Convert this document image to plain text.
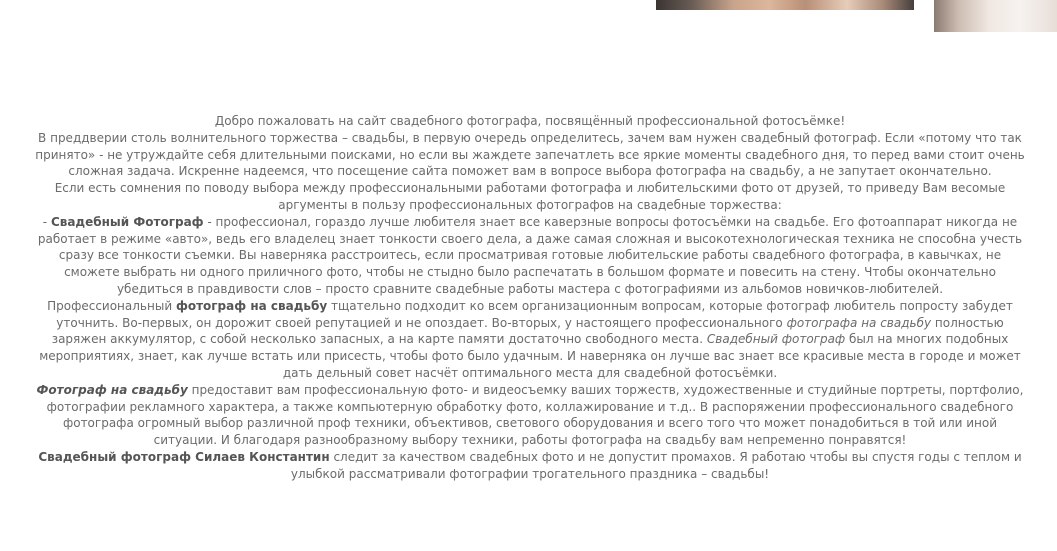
Добро пожаловать на сайт свадебного фотографа, посвящённый профессиональной фотосъёмке!

В преддверии столь волнительного торжества – свадьбы, в первую очередь определитесь, зачем вам нужен свадебный фотограф. Если «потому что так принято» - не утруждайте себя длительными поисками, но если вы жаждете запечатлеть все яркие моменты свадебного дня, то перед вами стоит очень сложная задача. Искренне надеемся, что посещение сайта поможет вам в вопросе выбора фотографа на свадьбу, а не запутает окончательно.

Если есть сомнения по поводу выбора между профессиональными работами фотографа и любительскими фото от друзей, то приведу Вам весомые аргументы в пользу профессиональных фотографов на свадебные торжества:

- Свадебный Фотограф - профессионал, гораздо лучше любителя знает все каверзные вопросы фотосъёмки на свадьбе. Его фотоаппарат никогда не работает в режиме «авто», ведь его владелец знает тонкости своего дела, а даже самая сложная и высокотехнологическая техника не способна учесть сразу все тонкости съемки. Вы наверняка расстроитесь, если просматривая готовые любительские работы свадебного фотографа, в кавычках, не сможете выбрать ни одного приличного фото, чтобы не стыдно было распечатать в большом формате и повесить на стену. Чтобы окончательно убедиться в правдивости слов – просто сравните свадебные работы мастера с фотографиями из альбомов новичков-любителей.

Профессиональный фотограф на свадьбу тщательно подходит ко всем организационным вопросам, которые фотограф любитель попросту забудет уточнить. Во-первых, он дорожит своей репутацией и не опоздает. Во-вторых, у настоящего профессионального фотографа на свадьбу полностью заряжен аккумулятор, с собой несколько запасных, а на карте памяти достаточно свободного места. Свадебный фотограф был на многих подобных мероприятиях, знает, как лучше встать или присесть, чтобы фото было удачным. И наверняка он лучше вас знает все красивые места в городе и может дать дельный совет насчёт оптимального места для свадебной фотосъёмки.

Фотограф на свадьбу предоставит вам профессиональную фото- и видеосъемку ваших торжеств, художественные и студийные портреты, портфолио, фотографии рекламного характера, а также компьютерную обработку фото, коллажирование и т.д.. В распоряжении профессионального свадебного фотографа огромный выбор различной проф техники, объективов, светового оборудования и всего того что может понадобиться в той или иной ситуации. И благодаря разнообразному выбору техники, работы фотографа на свадьбу вам непременно понравятся!

Свадебный фотограф Силаев Константин следит за качеством свадебных фото и не допустит промахов. Я работаю чтобы вы спустя годы с теплом и улыбкой рассматривали фотографии трогательного праздника – свадьбы!
